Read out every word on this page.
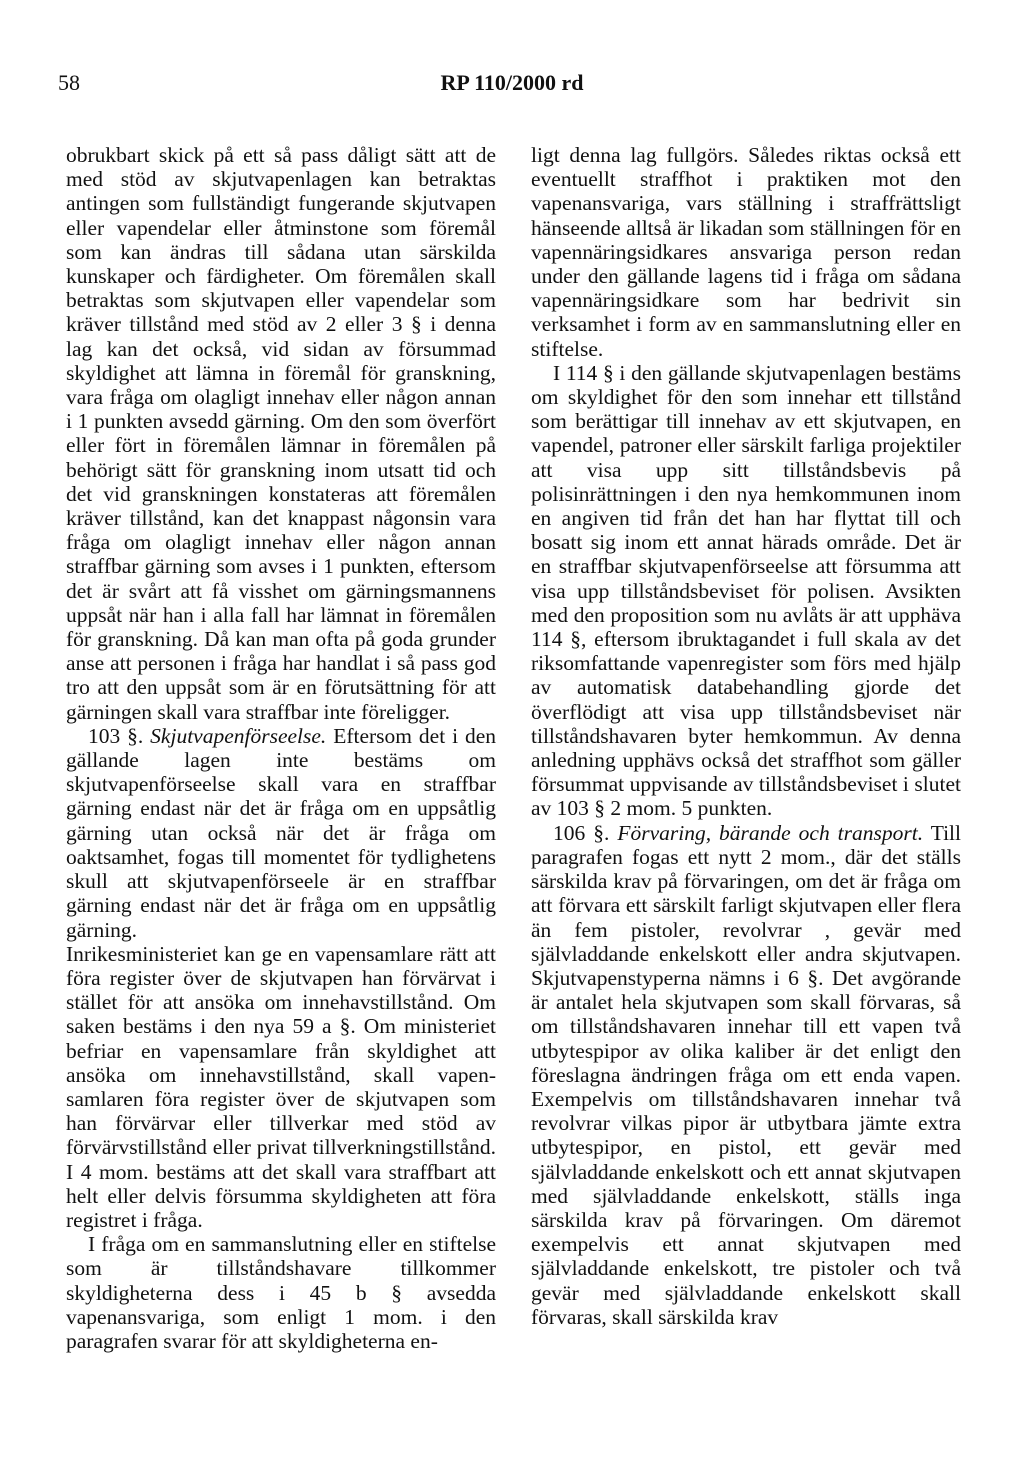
58	RP 110/2000 rd

obrukbart skick på ett så pass dåligt sätt att de med stöd av skjutvapenlagen kan betraktas antingen som fullständigt fungerande skjutvapen eller vapendelar eller åtminstone som föremål som kan ändras till sådana utan särskilda kunskaper och färdigheter. Om föremålen skall betraktas som skjutvapen eller vapendelar som kräver tillstånd med stöd av 2 eller 3 § i denna lag kan det också, vid sidan av försummad skyldighet att lämna in föremål för granskning, vara fråga om olagligt innehav eller någon annan i 1 punkten avsedd gärning. Om den som överfört eller fört in föremålen lämnar in föremålen på behörigt sätt för granskning inom utsatt tid och det vid granskningen konstateras att föremålen kräver tillstånd, kan det knappast någonsin vara fråga om olagligt innehav eller någon annan straffbar gärning som avses i 1 punkten, eftersom det är svårt att få visshet om gärningsmannens uppsåt när han i alla fall har lämnat in föremålen för granskning. Då kan man ofta på goda grunder anse att personen i fråga har handlat i så pass god tro att den uppsåt som är en förutsättning för att gärningen skall vara straffbar inte föreligger.

103 §. Skjutvapenförseelse. Eftersom det i den gällande lagen inte bestäms om skjutvapenförseelse skall vara en straffbar gärning endast när det är fråga om en uppsåtlig gärning utan också när det är fråga om oaktsamhet, fogas till momentet för tydlighetens skull att skjutvapenförseele är en straffbar gärning endast när det är fråga om en uppsåtlig gärning.

Inrikesministeriet kan ge en vapensamlare rätt att föra register över de skjutvapen han förvärvat i stället för att ansöka om innehavstillstånd. Om saken bestäms i den nya 59 a §. Om ministeriet befriar en vapensamlare från skyldighet att ansöka om innehavstillstånd, skall vapen- samlaren föra register över de skjutvapen som han förvärvar eller tillverkar med stöd av förvärvstillstånd eller privat tillverkningstillstånd. I 4 mom. bestäms att det skall vara straffbart att helt eller delvis försumma skyldigheten att föra registret i fråga.

I fråga om en sammanslutning eller en stiftelse som är tillståndshavare tillkommer skyldigheterna dess i 45 b § avsedda vapenansvariga, som enligt 1 mom. i den paragrafen svarar för att skyldigheterna en-

ligt denna lag fullgörs. Således riktas också ett eventuellt straffhot i praktiken mot den vapenansvariga, vars ställning i straffrättsligt hänseende alltså är likadan som ställningen för en vapennäringsidkares ansvariga person redan under den gällande lagens tid i fråga om sådana vapennäringsidkare som har bedrivit sin verksamhet i form av en sammanslutning eller en stiftelse.

I 114 § i den gällande skjutvapenlagen bestäms om skyldighet för den som innehar ett tillstånd som berättigar till innehav av ett skjutvapen, en vapendel, patroner eller särskilt farliga projektiler att visa upp sitt tillståndsbevis på polisinrättningen i den nya hemkommunen inom en angiven tid från det han har flyttat till och bosatt sig inom ett annat härads område. Det är en straffbar skjutvapenförseelse att försumma att visa upp tillståndsbeviset för polisen. Avsikten med den proposition som nu avlåts är att upphäva 114 §, eftersom ibruktagandet i full skala av det riksomfattande vapenregister som förs med hjälp av automatisk databehandling gjorde det överflödigt att visa upp tillståndsbeviset när tillståndshavaren byter hemkommun. Av denna anledning upphävs också det straffhot som gäller försummat uppvisande av tillståndsbeviset i slutet av 103 § 2 mom. 5 punkten.

106 §. Förvaring, bärande och transport. Till paragrafen fogas ett nytt 2 mom., där det ställs särskilda krav på förvaringen, om det är fråga om att förvara ett särskilt farligt skjutvapen eller flera än fem pistoler, revolvrar , gevär med självladdande enkelskott eller andra skjutvapen. Skjutvapenstyperna nämns i 6 §. Det avgörande är antalet hela skjutvapen som skall förvaras, så om tillståndshavaren innehar till ett vapen två utbytespipor av olika kaliber är det enligt den föreslagna ändringen fråga om ett enda vapen. Exempelvis om tillståndshavaren innehar två revolvrar vilkas pipor är utbytbara jämte extra utbytespipor, en pistol, ett gevär med självladdande enkelskott och ett annat skjutvapen med självladdande enkelskott, ställs inga särskilda krav på förvaringen. Om däremot exempelvis ett annat skjutvapen med självladdande enkelskott, tre pistoler och två gevär med självladdande enkelskott skall förvaras, skall särskilda krav
